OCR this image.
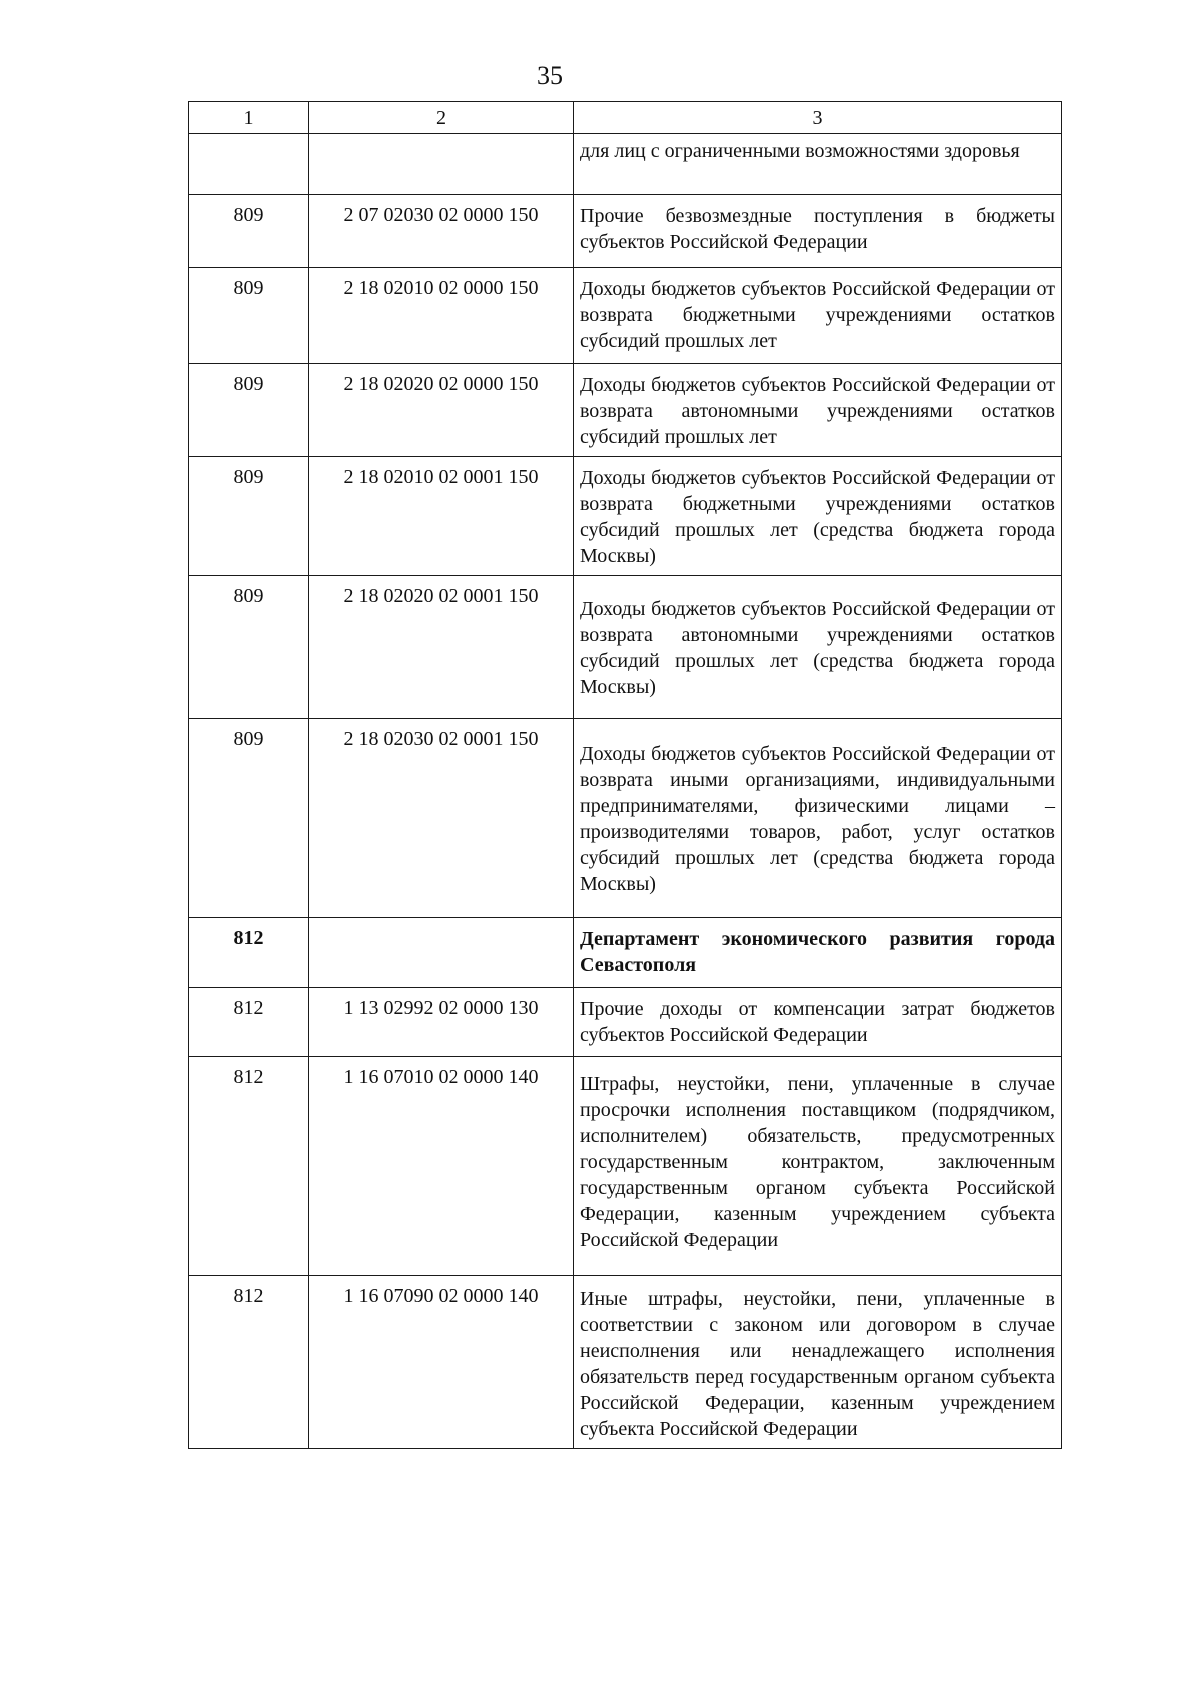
35
1	2	3
		для лиц с ограниченными возможностями здоровья
809	2 07 02030 02 0000 150	Прочие безвозмездные поступления в бюджеты субъектов Российской Федерации
809	2 18 02010 02 0000 150	Доходы бюджетов субъектов Российской Федерации от возврата бюджетными учреждениями остатков субсидий прошлых лет
809	2 18 02020 02 0000 150	Доходы бюджетов субъектов Российской Федерации от возврата автономными учреждениями остатков субсидий прошлых лет
809	2 18 02010 02 0001 150	Доходы бюджетов субъектов Российской Федерации от возврата бюджетными учреждениями остатков субсидий прошлых лет (средства бюджета города Москвы)
809	2 18 02020 02 0001 150	Доходы бюджетов субъектов Российской Федерации от возврата автономными учреждениями остатков субсидий прошлых лет (средства бюджета города Москвы)
809	2 18 02030 02 0001 150	Доходы бюджетов субъектов Российской Федерации от возврата иными организациями, индивидуальными предпринимателями, физическими лицами – производителями товаров, работ, услуг остатков субсидий прошлых лет (средства бюджета города Москвы)
812		Департамент экономического развития города Севастополя
812	1 13 02992 02 0000 130	Прочие доходы от компенсации затрат бюджетов субъектов Российской Федерации
812	1 16 07010 02 0000 140	Штрафы, неустойки, пени, уплаченные в случае просрочки исполнения поставщиком (подрядчиком, исполнителем) обязательств, предусмотренных государственным контрактом, заключенным государственным органом субъекта Российской Федерации, казенным учреждением субъекта Российской Федерации
812	1 16 07090 02 0000 140	Иные штрафы, неустойки, пени, уплаченные в соответствии с законом или договором в случае неисполнения или ненадлежащего исполнения обязательств перед государственным органом субъекта Российской Федерации, казенным учреждением субъекта Российской Федерации
